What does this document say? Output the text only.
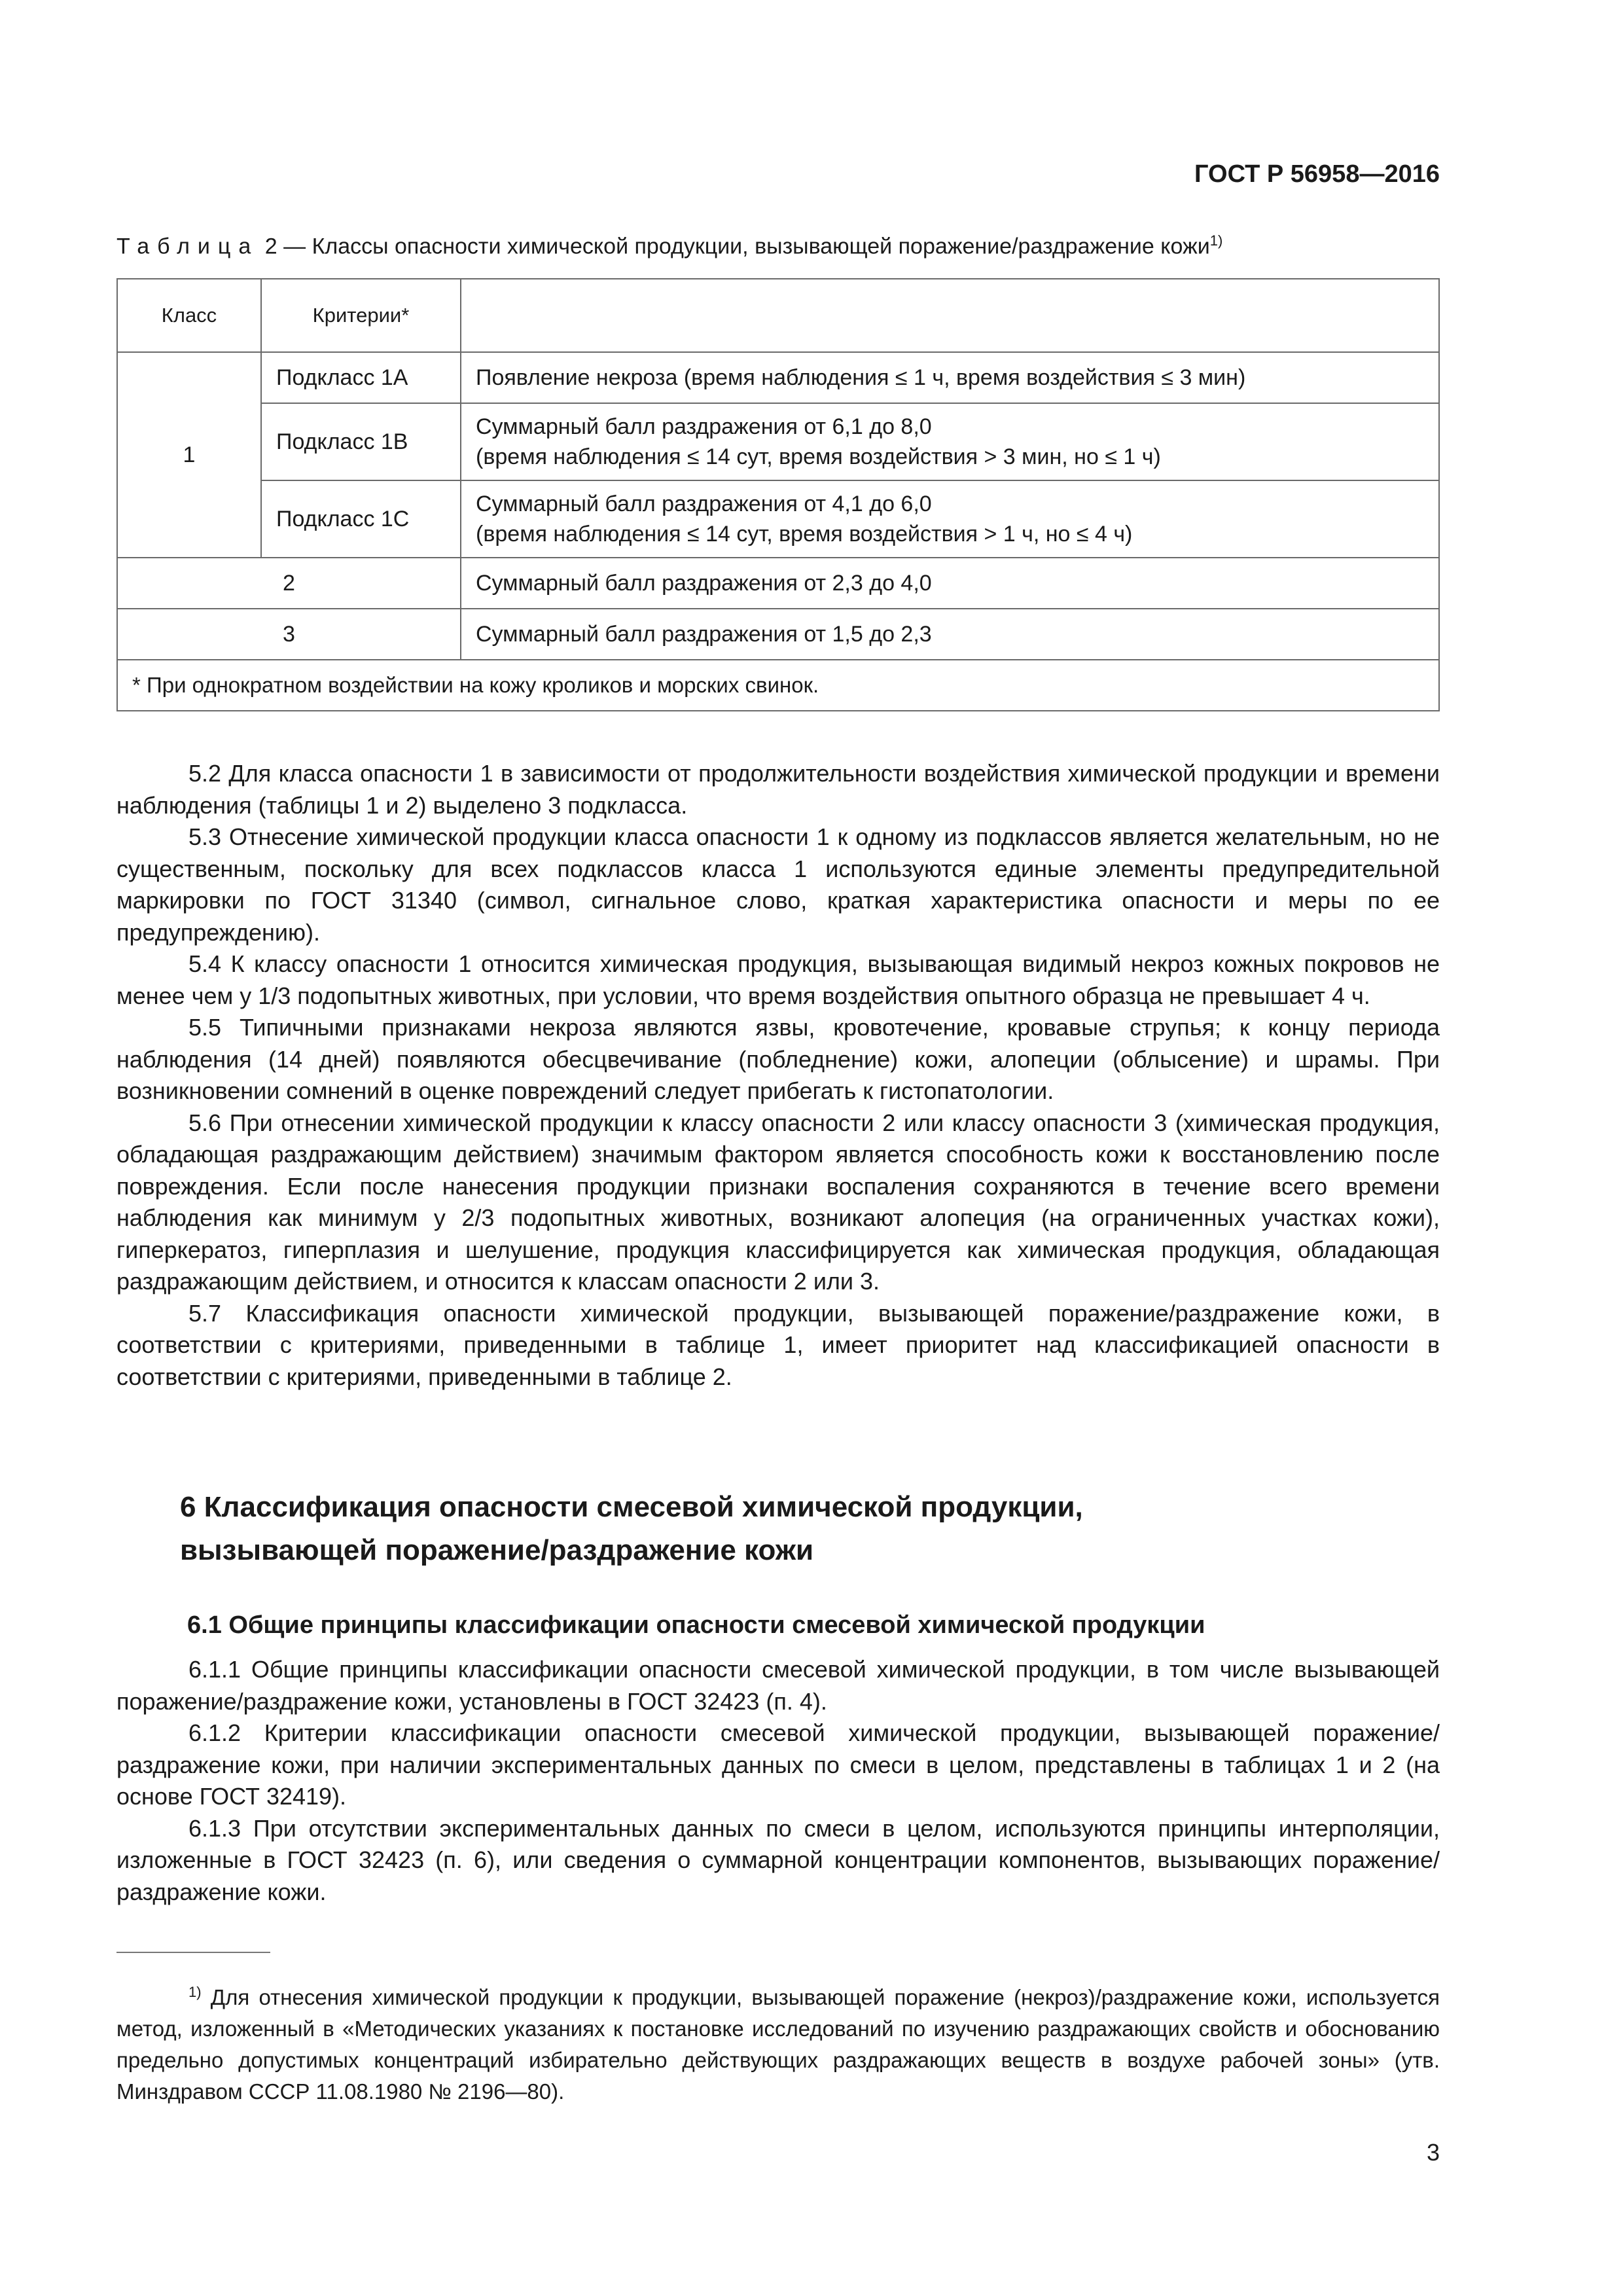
ГОСТ Р 56958—2016
Таблица 2 — Классы опасности химической продукции, вызывающей поражение/раздражение кожи$^{1)}$
Класс	Критерии*	
1	Подкласс 1А	Появление некроза (время наблюдения ≤ 1 ч, время воздействия ≤ 3 мин)
	Подкласс 1В	Суммарный балл раздражения от 6,1 до 8,0
(время наблюдения ≤ 14 сут, время воздействия > 3 мин, но ≤ 1 ч)
	Подкласс 1С	Суммарный балл раздражения от 4,1 до 6,0
(время наблюдения ≤ 14 сут, время воздействия > 1 ч, но ≤ 4 ч)
2		Суммарный балл раздражения от 2,3 до 4,0
3		Суммарный балл раздражения от 1,5 до 2,3
* При однократном воздействии на кожу кроликов и морских свинок.		

5.2 Для класса опасности 1 в зависимости от продолжительности воздействия химической продукции и времени наблюдения (таблицы 1 и 2) выделено 3 подкласса.

5.3 Отнесение химической продукции класса опасности 1 к одному из подклассов является желательным, но не существенным, поскольку для всех подклассов класса 1 используются единые элементы предупредительной маркировки по ГОСТ 31340 (символ, сигнальное слово, краткая характеристика опасности и меры по ее предупреждению).

5.4 К классу опасности 1 относится химическая продукция, вызывающая видимый некроз кожных покровов не менее чем у 1/3 подопытных животных, при условии, что время воздействия опытного образца не превышает 4 ч.

5.5 Типичными признаками некроза являются язвы, кровотечение, кровавые струпья; к концу периода наблюдения (14 дней) появляются обесцвечивание (побледнение) кожи, алопеции (облысение) и шрамы. При возникновении сомнений в оценке повреждений следует прибегать к гистопатологии.

5.6 При отнесении химической продукции к классу опасности 2 или классу опасности 3 (химическая продукция, обладающая раздражающим действием) значимым фактором является способность кожи к восстановлению после повреждения. Если после нанесения продукции признаки воспаления сохраняются в течение всего времени наблюдения как минимум у 2/3 подопытных животных, возникают алопеция (на ограниченных участках кожи), гиперкератоз, гиперплазия и шелушение, продукция классифицируется как химическая продукция, обладающая раздражающим действием, и относится к классам опасности 2 или 3.

5.7 Классификация опасности химической продукции, вызывающей поражение/раздражение кожи, в соответствии с критериями, приведенными в таблице 1, имеет приоритет над классификацией опасности в соответствии с критериями, приведенными в таблице 2.

6 Классификация опасности смесевой химической продукции,
вызывающей поражение/раздражение кожи
6.1 Общие принципы классификации опасности смесевой химической продукции

6.1.1 Общие принципы классификации опасности смесевой химической продукции, в том числе вызывающей поражение/раздражение кожи, установлены в ГОСТ 32423 (п. 4).

6.1.2 Критерии классификации опасности смесевой химической продукции, вызывающей поражение/раздражение кожи, при наличии экспериментальных данных по смеси в целом, представлены в таблицах 1 и 2 (на основе ГОСТ 32419).

6.1.3 При отсутствии экспериментальных данных по смеси в целом, используются принципы интерполяции, изложенные в ГОСТ 32423 (п. 6), или сведения о суммарной концентрации компонентов, вызывающих поражение/раздражение кожи.

$^{1)}$ Для отнесения химической продукции к продукции, вызывающей поражение (некроз)/раздражение кожи, используется метод, изложенный в «Методических указаниях к постановке исследований по изучению раздражающих свойств и обоснованию предельно допустимых концентраций избирательно действующих раздражающих веществ в воздухе рабочей зоны» (утв. Минздравом СССР 11.08.1980 № 2196—80).
3
